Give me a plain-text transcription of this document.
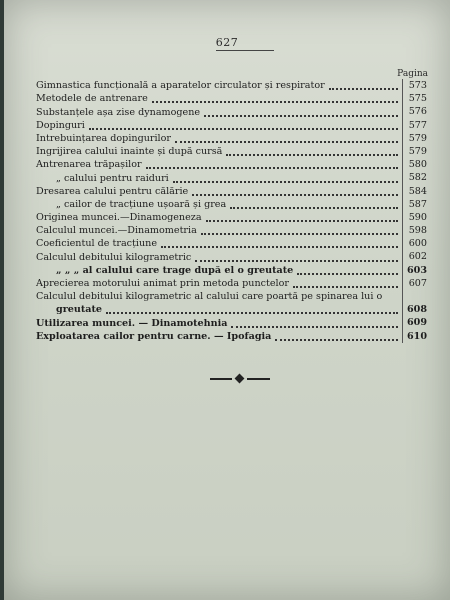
627
Pagina
Gimnastica funcțională a aparatelor circulator și respirator	573
Metodele de antrenare	575
Substanțele așa zise dynamogene	576
Dopinguri	577
Intrebuințarea dopingurilor	579
Ingrijirea calului inainte și după cursă	579
Antrenarea trăpașilor	580
„ calului pentru raiduri	582
Dresarea calului pentru călărie	584
„ cailor de tracțiune ușoară și grea	587
Originea muncei.—Dinamogeneza	590
Calculul muncei.—Dinamometria	598
Coeficientul de tracțiune	600
Calculul debitului kilogrametric	602
„ „ „ al calului care trage după el o greutate	603
Aprecierea motorului animat prin metoda punctelor	607
Calculul debitului kilogrametric al calului care poartă pe spinarea lui o
greutate	608
Utilizarea muncei. — Dinamotehnia	609
Exploatarea cailor pentru carne. — Ipofagia	610
